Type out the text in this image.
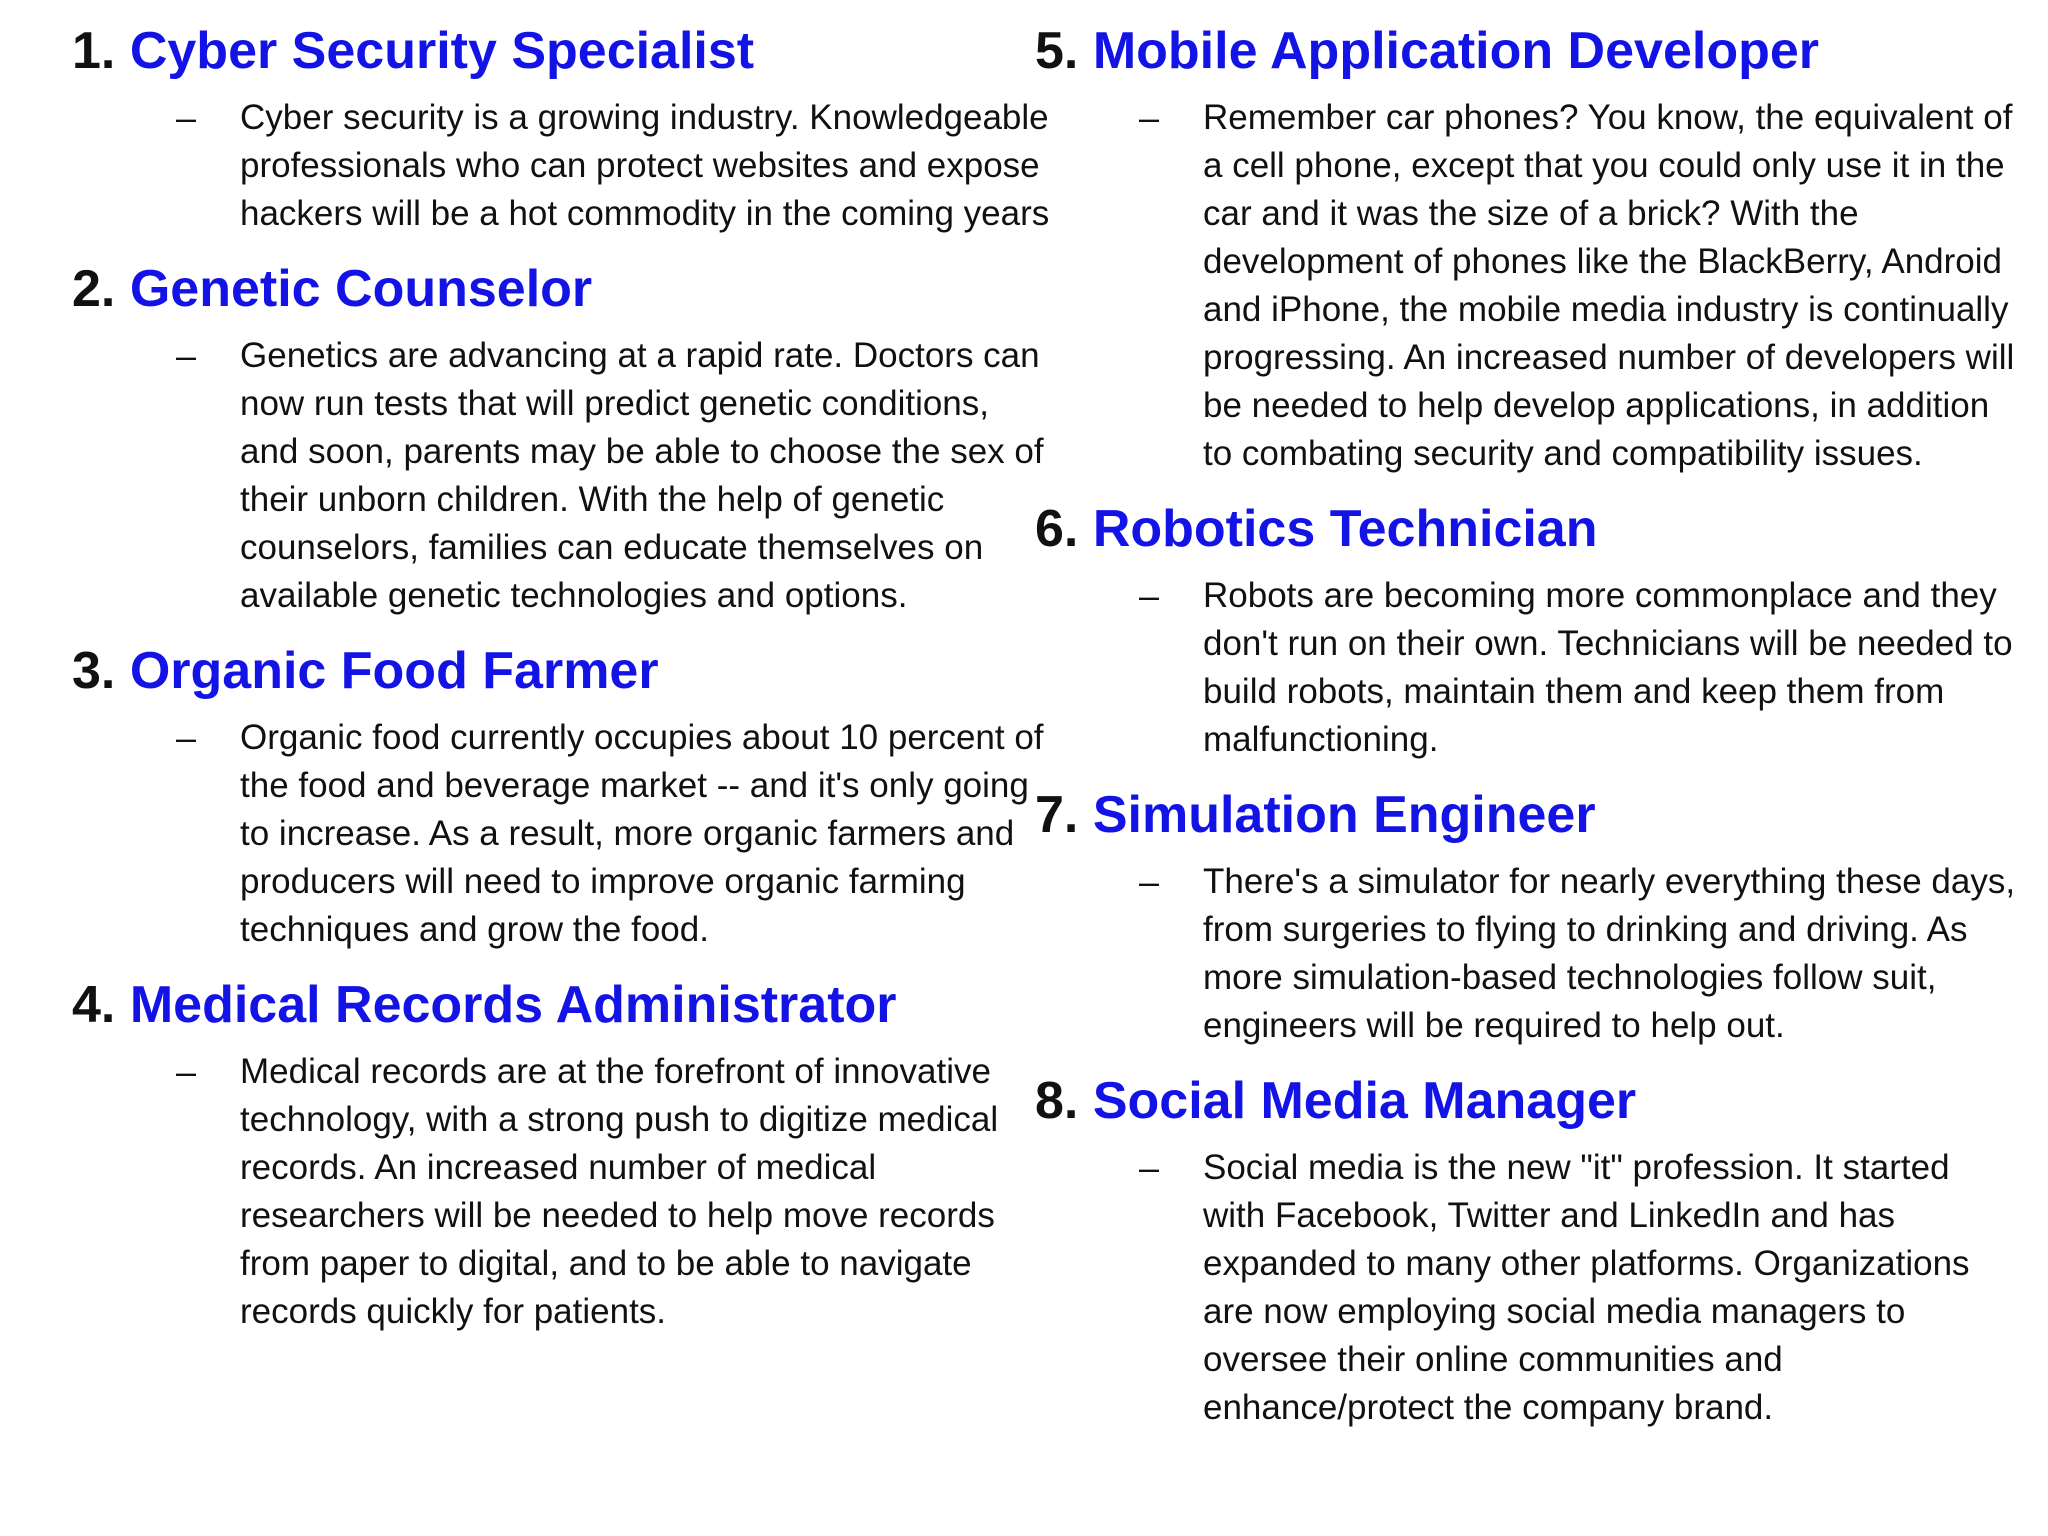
1. Cyber Security Specialist
– Cyber security is a growing industry. Knowledgeable professionals who can protect websites and expose hackers will be a hot commodity in the coming years

2. Genetic Counselor
– Genetics are advancing at a rapid rate. Doctors can now run tests that will predict genetic conditions, and soon, parents may be able to choose the sex of their unborn children. With the help of genetic counselors, families can educate themselves on available genetic technologies and options.

3. Organic Food Farmer
– Organic food currently occupies about 10 percent of the food and beverage market -- and it's only going to increase. As a result, more organic farmers and producers will need to improve organic farming techniques and grow the food.

4. Medical Records Administrator
– Medical records are at the forefront of innovative technology, with a strong push to digitize medical records. An increased number of medical researchers will be needed to help move records from paper to digital, and to be able to navigate records quickly for patients.

5. Mobile Application Developer
– Remember car phones? You know, the equivalent of a cell phone, except that you could only use it in the car and it was the size of a brick? With the development of phones like the BlackBerry, Android and iPhone, the mobile media industry is continually progressing. An increased number of developers will be needed to help develop applications, in addition to combating security and compatibility issues.

6. Robotics Technician
– Robots are becoming more commonplace and they don't run on their own. Technicians will be needed to build robots, maintain them and keep them from malfunctioning.

7. Simulation Engineer
– There's a simulator for nearly everything these days, from surgeries to flying to drinking and driving. As more simulation-based technologies follow suit, engineers will be required to help out.

8. Social Media Manager
– Social media is the new "it" profession. It started with Facebook, Twitter and LinkedIn and has expanded to many other platforms. Organizations are now employing social media managers to oversee their online communities and enhance/protect the company brand.
